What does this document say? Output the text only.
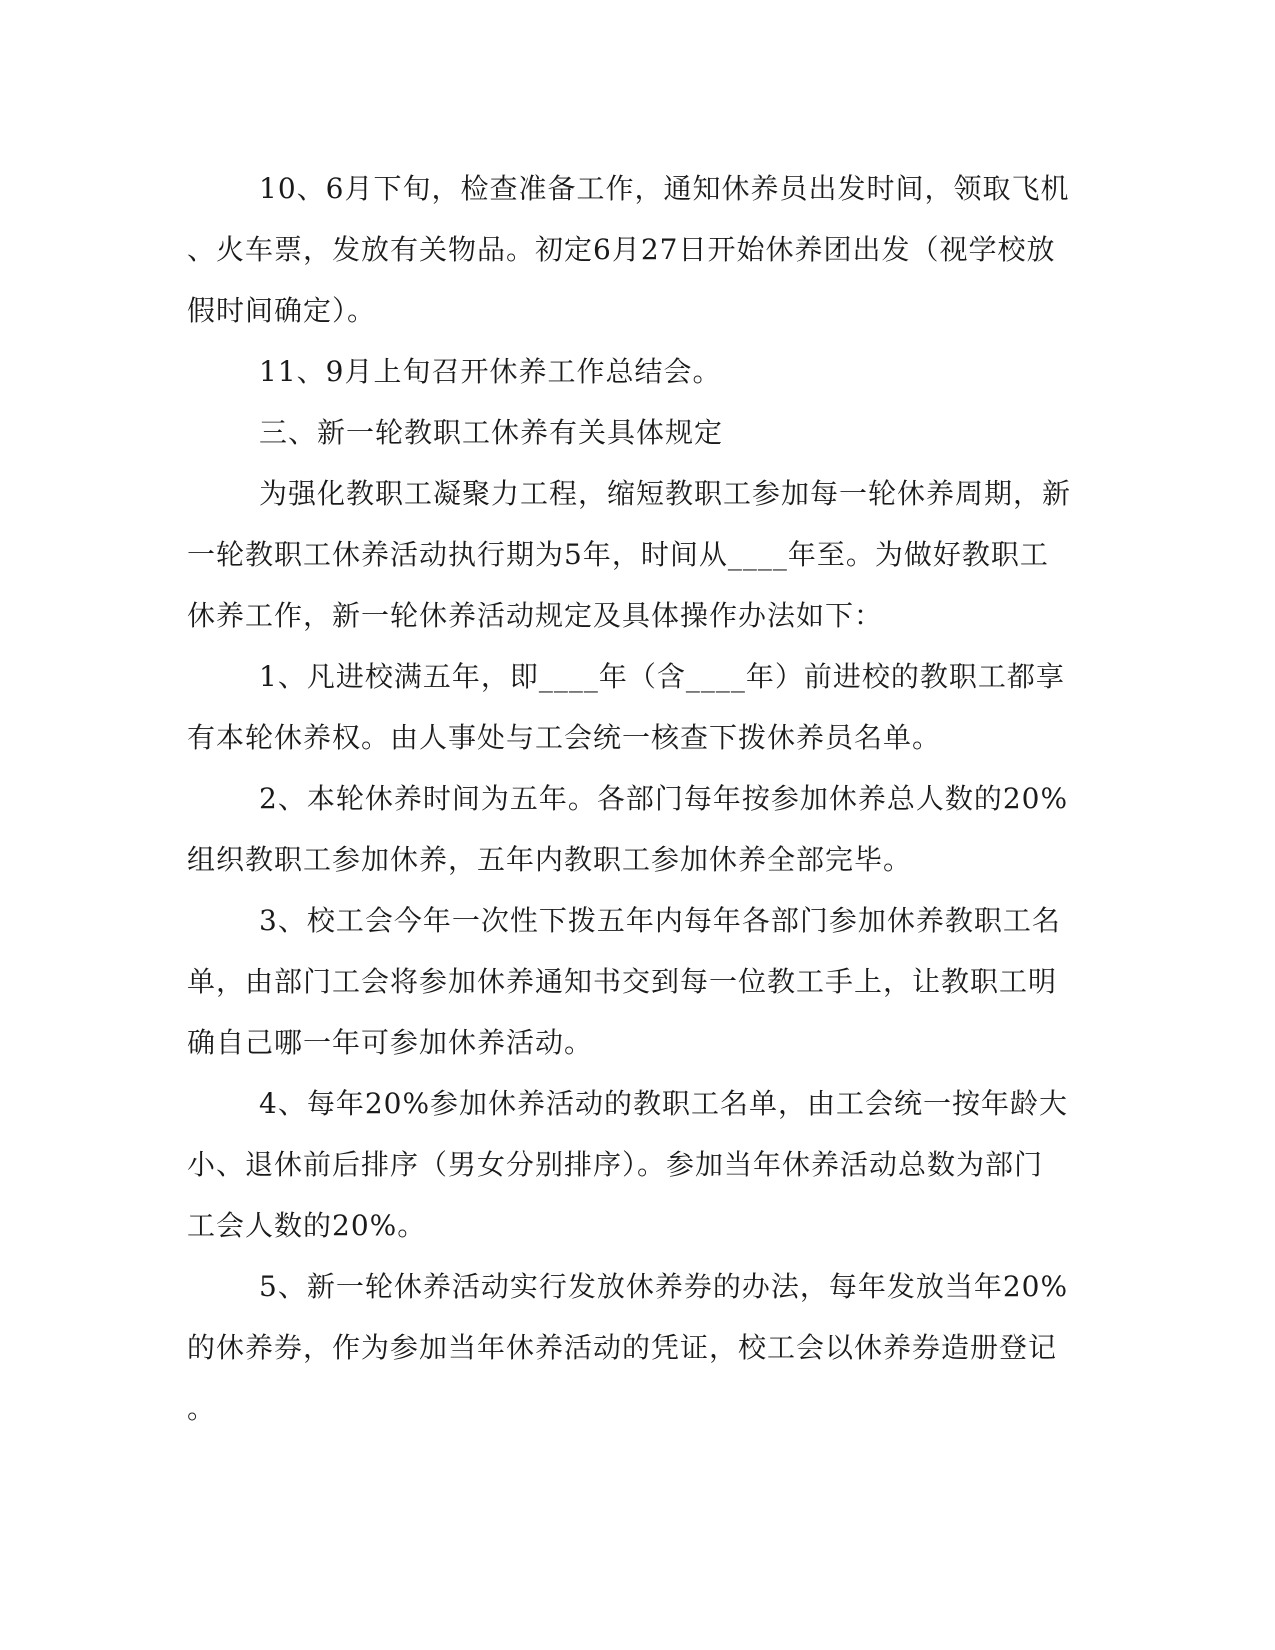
10、6月下旬，检查准备工作，通知休养员出发时间，领取飞机
、火车票，发放有关物品。初定6月27日开始休养团出发（视学校放
假时间确定）。

11、9月上旬召开休养工作总结会。

三、新一轮教职工休养有关具体规定

为强化教职工凝聚力工程，缩短教职工参加每一轮休养周期，新
一轮教职工休养活动执行期为5年，时间从____年至。为做好教职工
休养工作，新一轮休养活动规定及具体操作办法如下：

1、凡进校满五年，即____年（含____年）前进校的教职工都享
有本轮休养权。由人事处与工会统一核查下拨休养员名单。

2、本轮休养时间为五年。各部门每年按参加休养总人数的20%
组织教职工参加休养，五年内教职工参加休养全部完毕。

3、校工会今年一次性下拨五年内每年各部门参加休养教职工名
单，由部门工会将参加休养通知书交到每一位教工手上，让教职工明
确自己哪一年可参加休养活动。

4、每年20%参加休养活动的教职工名单，由工会统一按年龄大
小、退休前后排序（男女分别排序）。参加当年休养活动总数为部门
工会人数的20%。

5、新一轮休养活动实行发放休养券的办法，每年发放当年20%
的休养券，作为参加当年休养活动的凭证，校工会以休养券造册登记
。
